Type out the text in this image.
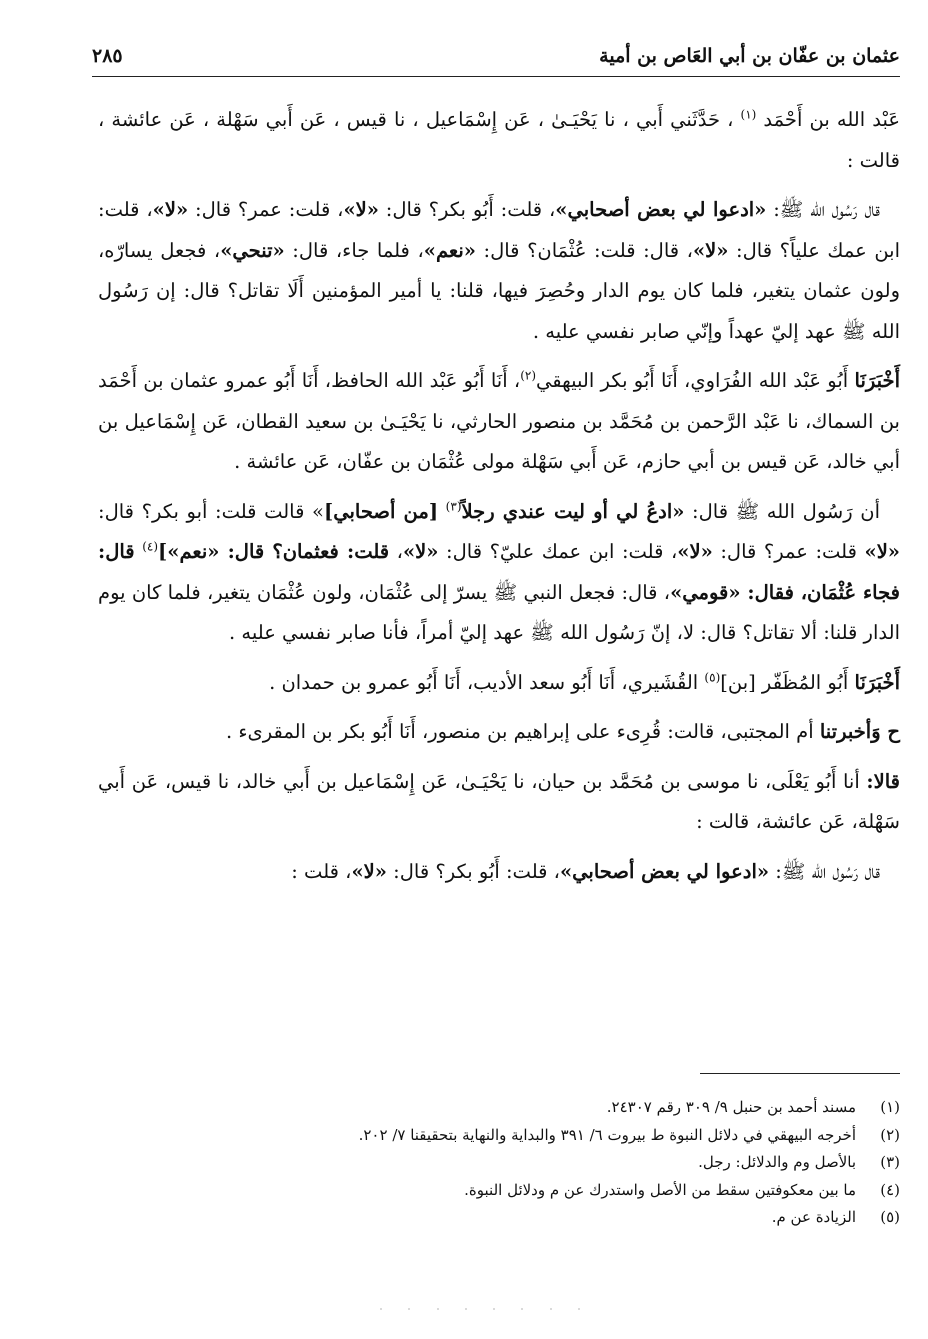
عثمان بن عفّان بن أبي العَاص بن أمية
٢٨٥

عَبْد الله بن أَحْمَد $^{(١)}$ ، حَدَّثَني أَبي ، نا يَحْيَـىٰ ، عَن إِسْمَاعيل ، نا قيس ، عَن أَبي سَهْلة ، عَن عائشة ، قالت :

قال رَسُول الله ﷺ: «ادعوا لي بعض أصحابي»، قلت: أَبُو بكر؟ قال: «لا»، قلت: عمر؟ قال: «لا»، قلت: ابن عمك علياً؟ قال: «لا»، قال: قلت: عُثْمَان؟ قال: «نعم»، فلما جاء، قال: «تنحي»، فجعل يسارّه، ولون عثمان يتغير، فلما كان يوم الدار وحُصِرَ فيها، قلنا: يا أمير المؤمنين أَلَا تقاتل؟ قال: إن رَسُول الله ﷺ عهد إليّ عهداً وإنّي صابر نفسي عليه .

أَخْبَرَنَا أَبُو عَبْد الله الفُرَاوي، أَنَا أَبُو بكر البيهقي$^{(٢)}$، أَنَا أَبُو عَبْد الله الحافظ، أَنَا أَبُو عمرو عثمان بن أَحْمَد بن السماك، نا عَبْد الرَّحمن بن مُحَمَّد بن منصور الحارثي، نا يَحْيَـىٰ بن سعيد القطان، عَن إِسْمَاعيل بن أبي خالد، عَن قيس بن أبي حازم، عَن أَبي سَهْلة مولى عُثْمَان بن عفّان، عَن عائشة .

أن رَسُول الله ﷺ قال: «ادعُ لي أو ليت عندي رجلاً$^{(٣)}$ [من أصحابي]» قالت قلت: أبو بكر؟ قال: «لا» قلت: عمر؟ قال: «لا»، قلت: ابن عمك عليّ؟ قال: «لا»، قلت: فعثمان؟ قال: «نعم»]$^{(٤)}$ قال: فجاء عُثْمَان، فقال: «قومي»، قال: فجعل النبي ﷺ يسرّ إلى عُثْمَان، ولون عُثْمَان يتغير، فلما كان يوم الدار قلنا: ألا تقاتل؟ قال: لا، إنّ رَسُول الله ﷺ عهد إليّ أمراً، فأنا صابر نفسي عليه .

أَخْبَرَنَا أَبُو المُظَفّر [بن]$^{(٥)}$ القُشَيري، أَنَا أَبُو سعد الأديب، أَنَا أَبُو عمرو بن حمدان .

ح وَأخبرتنا أم المجتبى، قالت: قُرِىء على إبراهيم بن منصور، أَنَا أَبُو بكر بن المقرىء .

قالا: أنا أَبُو يَعْلَى، نا موسى بن مُحَمَّد بن حيان، نا يَحْيَـىٰ، عَن إِسْمَاعيل بن أَبي خالد، نا قيس، عَن أَبي سَهْلة، عَن عائشة، قالت :

قال رَسُول الله ﷺ: «ادعوا لي بعض أصحابي»، قلت: أَبُو بكر؟ قال: «لا»، قلت :

(١)
مسند أحمد بن حنبل ٩/ ٣٠٩ رقم ٢٤٣٠٧.
(٢)
أخرجه البيهقي في دلائل النبوة ط بيروت ٦/ ٣٩١ والبداية والنهاية بتحقيقنا ٧/ ٢٠٢.
(٣)
بالأصل وم والدلائل: رجل.
(٤)
ما بين معكوفتين سقط من الأصل واستدرك عن م ودلائل النبوة.
(٥)
الزيادة عن م.
